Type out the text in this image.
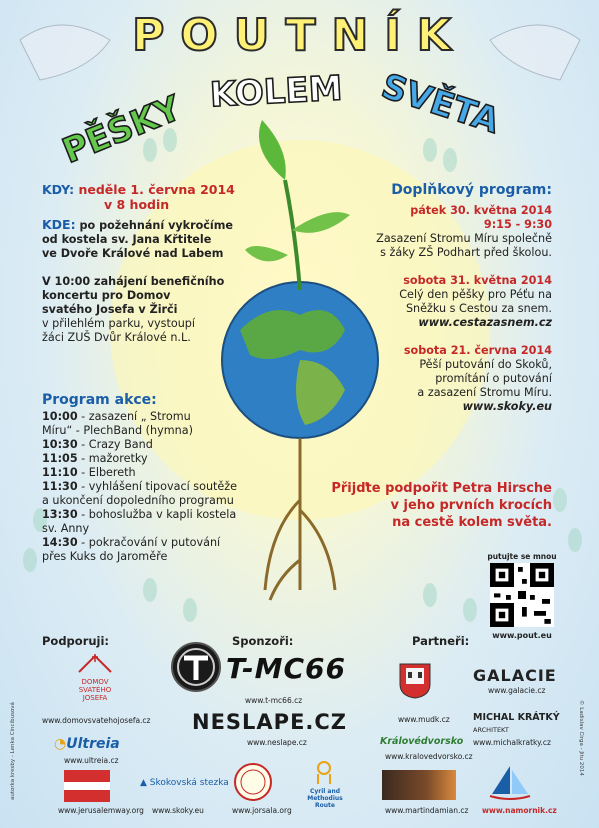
POUTNÍK
PĚŠKY KOLEM SVĚTA
KDY: neděle 1. června 2014
v 8 hodin
KDE: po požehnání vykročíme
od kostela sv. Jana Křtitele
ve Dvoře Králové nad Labem
V 10:00 zahájení benefičního
koncertu pro Domov
svatého Josefa v Žirči
v přilehlém parku, vystoupí
žáci ZUŠ Dvůr Králové n.L.
Program akce:
10:00 - zasazení „ Stromu
Míru“ - PlechBand (hymna)
10:30 - Crazy Band
11:05 - mažoretky
11:10 - Elbereth
11:30 - vyhlášení tipovací soutěže
a ukončení dopoledního programu
13:30 - bohoslužba v kapli kostela
sv. Anny
14:30 - pokračování v putování
přes Kuks do Jaroměře
Doplňkový program:
pátek 30. května 2014
9:15 - 9:30
Zasazení Stromu Míru společně
s žáky ZŠ Podhart před školou.
sobota 31. května 2014
Celý den pěšky pro Péťu na
Sněžku s Cestou za snem.
www.cestazasnem.cz
sobota 21. června 2014
Pěší putování do Skoků,
promítání o putování
a zasazení Stromu Míru.
www.skoky.eu
Přijďte podpořit Petra Hirsche
v jeho prvních krocích
na cestě kolem světa.
putujte se mnou
www.pout.eu
Podporuji:	Sponzoři:	Partneři:
DOMOV
SVATÉHO
JOSEFA
www.domovsvatehojosefa.cz
T-MC66
www.t-mc66.cz
NESLAPE.CZ
www.neslape.cz
www.mudk.cz
GALACIE
www.galacie.cz
◔Ultreia
www.ultreia.cz
Královédvorsko
www.kralovedvorsko.cz
MICHAL KRÁTKÝ
ARCHITEKT
www.michalkratky.cz
www.jerusalemway.org
▲ Skokovská stezka
www.skoky.eu	www.jorsala.org
Cyril and Methodius
Route
www.martindamian.cz www.namornik.cz
autorka kresby - Lenka Cincibusová	© Ladislav Cirga - Jitu 2014
